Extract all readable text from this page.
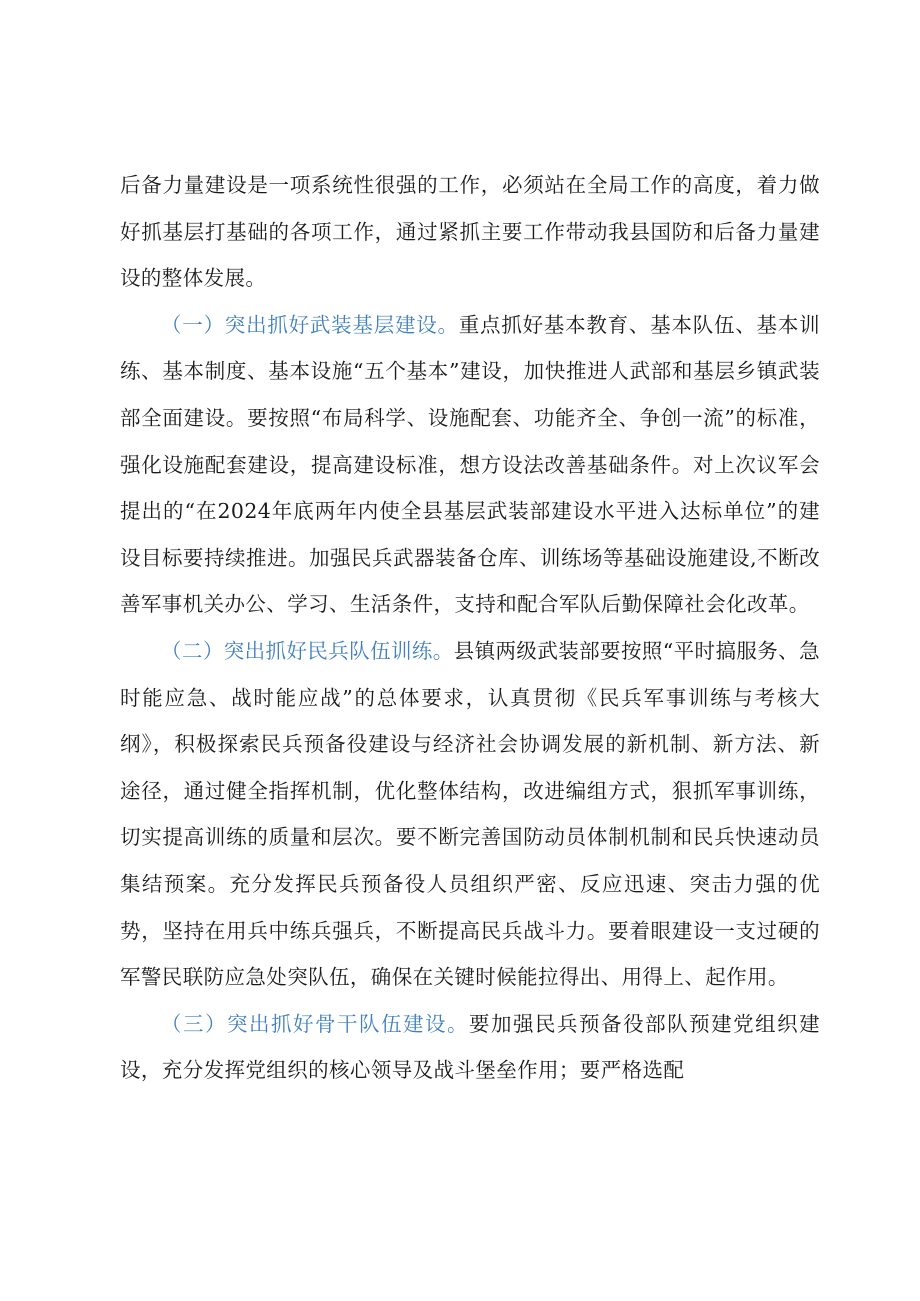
后备力量建设是一项系统性很强的工作，必须站在全局工作的高度，着力做好抓基层打基础的各项工作，通过紧抓主要工作带动我县国防和后备力量建设的整体发展。

（一）突出抓好武装基层建设。重点抓好基本教育、基本队伍、基本训练、基本制度、基本设施“五个基本”建设，加快推进人武部和基层乡镇武装部全面建设。要按照“布局科学、设施配套、功能齐全、争创一流”的标准，强化设施配套建设，提高建设标准，想方设法改善基础条件。对上次议军会提出的“在2024年底两年内使全县基层武装部建设水平进入达标单位”的建设目标要持续推进。加强民兵武器装备仓库、训练场等基础设施建设,不断改善军事机关办公、学习、生活条件，支持和配合军队后勤保障社会化改革。

（二）突出抓好民兵队伍训练。县镇两级武装部要按照“平时搞服务、急时能应急、战时能应战”的总体要求，认真贯彻《民兵军事训练与考核大纲》，积极探索民兵预备役建设与经济社会协调发展的新机制、新方法、新途径，通过健全指挥机制，优化整体结构，改进编组方式，狠抓军事训练，切实提高训练的质量和层次。要不断完善国防动员体制机制和民兵快速动员集结预案。充分发挥民兵预备役人员组织严密、反应迅速、突击力强的优势，坚持在用兵中练兵强兵，不断提高民兵战斗力。要着眼建设一支过硬的军警民联防应急处突队伍，确保在关键时候能拉得出、用得上、起作用。

（三）突出抓好骨干队伍建设。要加强民兵预备役部队预建党组织建设，充分发挥党组织的核心领导及战斗堡垒作用；要严格选配
